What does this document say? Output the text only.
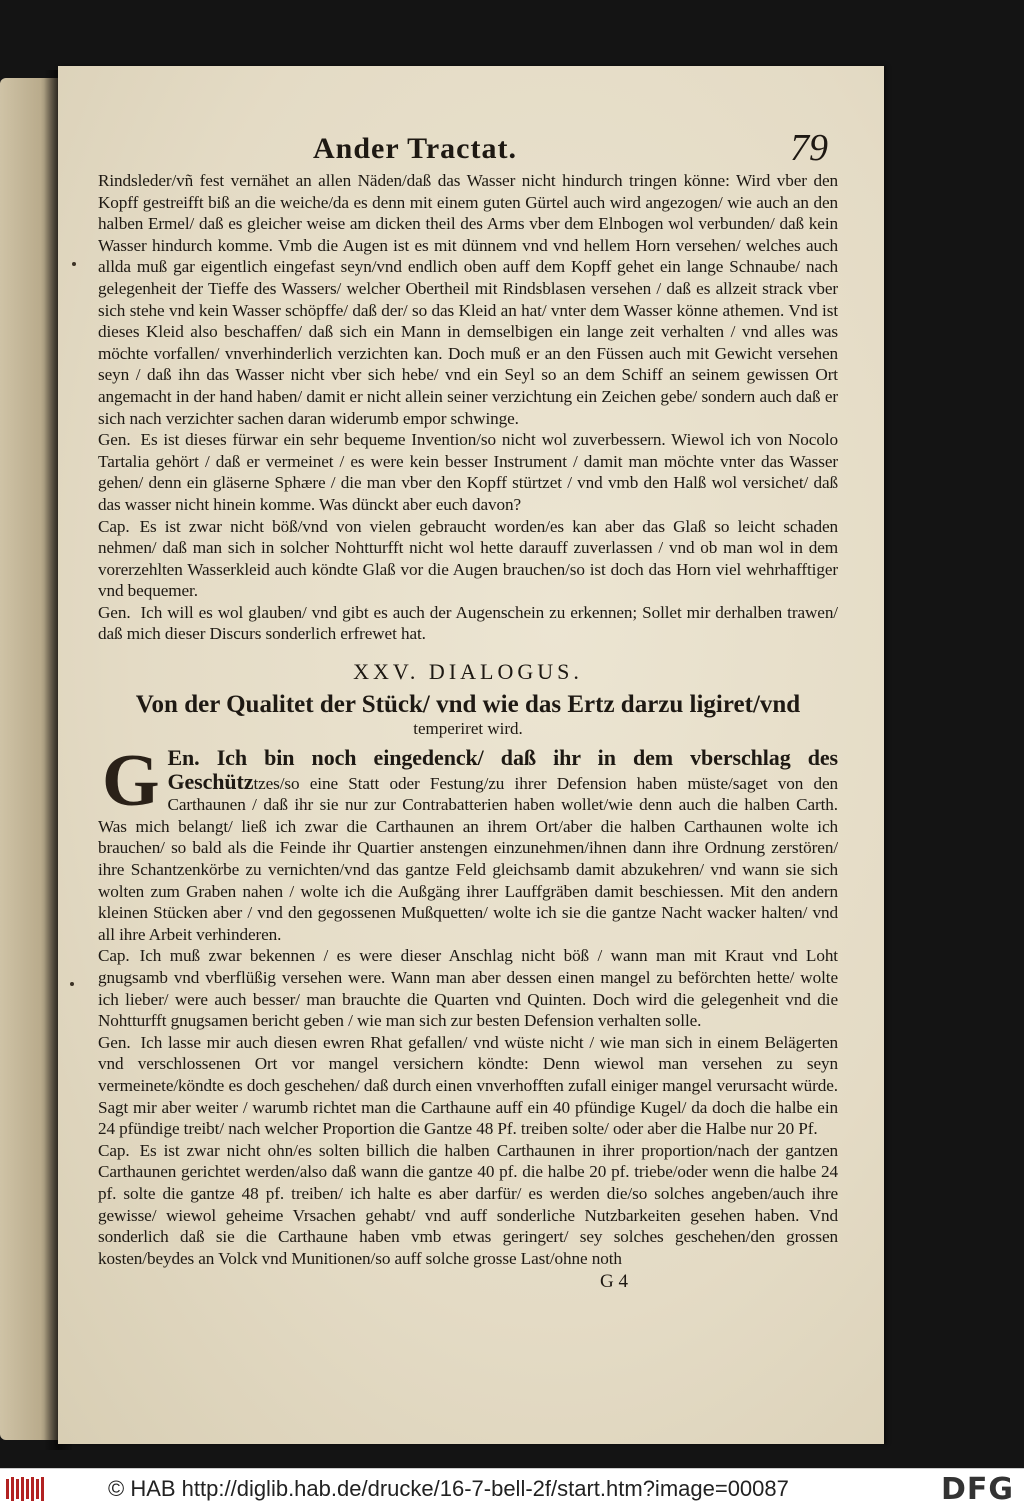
Ander Tractat.	79

Rindsleder/vñ fest vernähet an allen Näden/daß das Wasser nicht hindurch tringen könne: Wird vber den Kopff gestreifft biß an die weiche/da es denn mit einem guten Gürtel auch wird angezogen/ wie auch an den halben Ermel/ daß es gleicher weise am dicken theil des Arms vber dem Elnbogen wol verbunden/ daß kein Wasser hindurch komme. Vmb die Augen ist es mit dünnem vnd vnd hellem Horn versehen/ welches auch allda muß gar eigentlich eingefast seyn/vnd endlich oben auff dem Kopff gehet ein lange Schnaube/ nach gelegenheit der Tieffe des Wassers/ welcher Obertheil mit Rindsblasen versehen / daß es allzeit strack vber sich stehe vnd kein Wasser schöpffe/ daß der/ so das Kleid an hat/ vnter dem Wasser könne athemen. Vnd ist dieses Kleid also beschaffen/ daß sich ein Mann in demselbigen ein lange zeit verhalten / vnd alles was möchte vorfallen/ vnverhinderlich verzichten kan. Doch muß er an den Füssen auch mit Gewicht versehen seyn / daß ihn das Wasser nicht vber sich hebe/ vnd ein Seyl so an dem Schiff an seinem gewissen Ort angemacht in der hand haben/ damit er nicht allein seiner verzichtung ein Zeichen gebe/ sondern auch daß er sich nach verzichter sachen daran widerumb empor schwinge.

Gen. Es ist dieses fürwar ein sehr bequeme Invention/so nicht wol zuverbessern. Wiewol ich von Nocolo Tartalia gehört / daß er vermeinet / es were kein besser Instrument / damit man möchte vnter das Wasser gehen/ denn ein gläserne Sphære / die man vber den Kopff stürtzet / vnd vmb den Halß wol versichet/ daß das wasser nicht hinein komme. Was dünckt aber euch davon?

Cap. Es ist zwar nicht böß/vnd von vielen gebraucht worden/es kan aber das Glaß so leicht schaden nehmen/ daß man sich in solcher Nohtturfft nicht wol hette darauff zuverlassen / vnd ob man wol in dem vorerzehlten Wasserkleid auch köndte Glaß vor die Augen brauchen/so ist doch das Horn viel wehrhafftiger vnd bequemer.

Gen. Ich will es wol glauben/ vnd gibt es auch der Augenschein zu erkennen; Sollet mir derhalben trawen/ daß mich dieser Discurs sonderlich erfrewet hat.

XXV. DIALOGUS.
Von der Qualitet der Stück/ vnd wie das Ertz darzu ligiret/vnd
temperiret wird.

G En. Ich bin noch eingedenck/ daß ihr in dem vberschlag des Geschütztzes/so eine Statt oder Festung/zu ihrer Defension haben müste/saget von den Carthaunen / daß ihr sie nur zur Contrabatterien haben wollet/wie denn auch die halben Carth. Was mich belangt/ ließ ich zwar die Carthaunen an ihrem Ort/aber die halben Carthaunen wolte ich brauchen/ so bald als die Feinde ihr Quartier anstengen einzunehmen/ihnen dann ihre Ordnung zerstören/ ihre Schantzenkörbe zu vernichten/vnd das gantze Feld gleichsamb damit abzukehren/ vnd wann sie sich wolten zum Graben nahen / wolte ich die Außgäng ihrer Lauffgräben damit beschiessen. Mit den andern kleinen Stücken aber / vnd den gegossenen Mußquetten/ wolte ich sie die gantze Nacht wacker halten/ vnd all ihre Arbeit verhinderen.

Cap. Ich muß zwar bekennen / es were dieser Anschlag nicht böß / wann man mit Kraut vnd Loht gnugsamb vnd vberflüßig versehen were. Wann man aber dessen einen mangel zu beförchten hette/ wolte ich lieber/ were auch besser/ man brauchte die Quarten vnd Quinten. Doch wird die gelegenheit vnd die Nohtturfft gnugsamen bericht geben / wie man sich zur besten Defension verhalten solle.

Gen. Ich lasse mir auch diesen ewren Rhat gefallen/ vnd wüste nicht / wie man sich in einem Belägerten vnd verschlossenen Ort vor mangel versichern köndte: Denn wiewol man versehen zu seyn vermeinete/köndte es doch geschehen/ daß durch einen vnverhofften zufall einiger mangel verursacht würde. Sagt mir aber weiter / warumb richtet man die Carthaune auff ein 40 pfündige Kugel/ da doch die halbe ein 24 pfündige treibt/ nach welcher Proportion die Gantze 48 Pf. treiben solte/ oder aber die Halbe nur 20 Pf.

Cap. Es ist zwar nicht ohn/es solten billich die halben Carthaunen in ihrer proportion/nach der gantzen Carthaunen gerichtet werden/also daß wann die gantze 40 pf. die halbe 20 pf. triebe/oder wenn die halbe 24 pf. solte die gantze 48 pf. treiben/ ich halte es aber darfür/ es werden die/so solches angeben/auch ihre gewisse/ wiewol geheime Vrsachen gehabt/ vnd auff sonderliche Nutzbarkeiten gesehen haben. Vnd sonderlich daß sie die Carthaune haben vmb etwas geringert/ sey solches geschehen/den grossen kosten/beydes an Volck vnd Munitionen/so auff solche grosse Last/ohne noth

G 4
© HAB http://diglib.hab.de/drucke/16-7-bell-2f/start.htm?image=00087	DFG
